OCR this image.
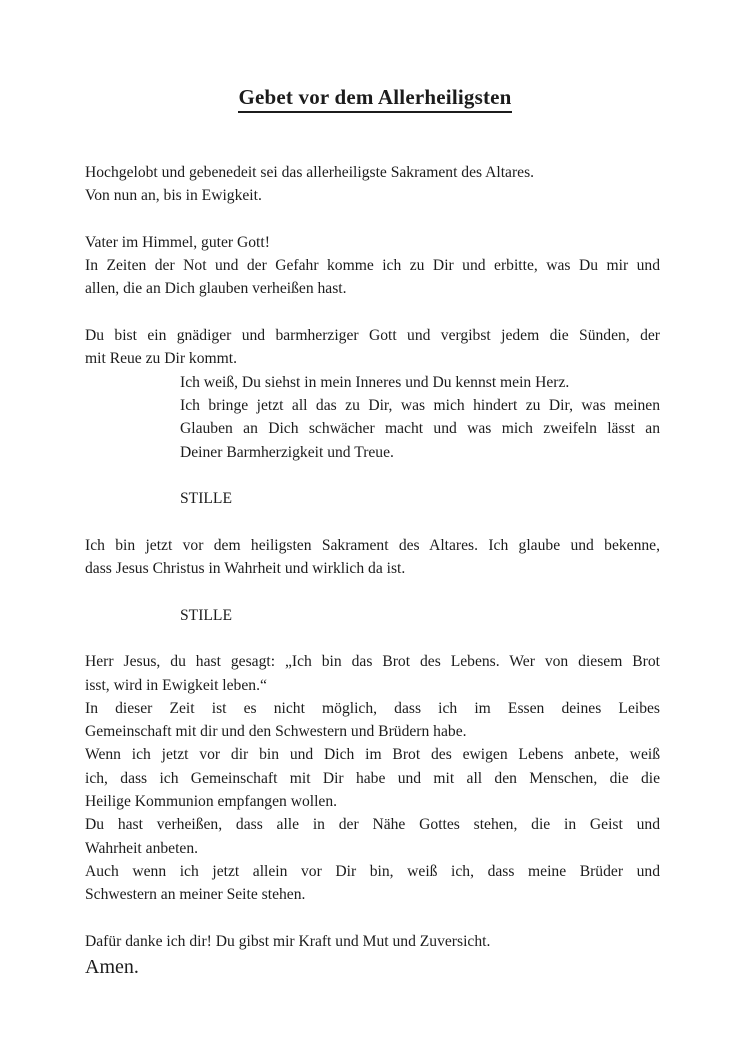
Gebet vor dem Allerheiligsten
Hochgelobt und gebenedeit sei das allerheiligste Sakrament des Altares.
Von nun an, bis in Ewigkeit.
Vater im Himmel, guter Gott!
In Zeiten der Not und der Gefahr komme ich zu Dir und erbitte, was Du mir und
allen, die an Dich glauben verheißen hast.
Du bist ein gnädiger und barmherziger Gott und vergibst jedem die Sünden, der
mit Reue zu Dir kommt.
Ich weiß, Du siehst in mein Inneres und Du kennst mein Herz.
Ich bringe jetzt all das zu Dir, was mich hindert zu Dir, was meinen
Glauben an Dich schwächer macht und was mich zweifeln lässt an
Deiner Barmherzigkeit und Treue.
STILLE
Ich bin jetzt vor dem heiligsten Sakrament des Altares. Ich glaube und bekenne,
dass Jesus Christus in Wahrheit und wirklich da ist.
STILLE
Herr Jesus, du hast gesagt: „Ich bin das Brot des Lebens. Wer von diesem Brot
isst, wird in Ewigkeit leben.“
In dieser Zeit ist es nicht möglich, dass ich im Essen deines Leibes
Gemeinschaft mit dir und den Schwestern und Brüdern habe.
Wenn ich jetzt vor dir bin und Dich im Brot des ewigen Lebens anbete, weiß
ich, dass ich Gemeinschaft mit Dir habe und mit all den Menschen, die die
Heilige Kommunion empfangen wollen.
Du hast verheißen, dass alle in der Nähe Gottes stehen, die in Geist und
Wahrheit anbeten.
Auch wenn ich jetzt allein vor Dir bin, weiß ich, dass meine Brüder und
Schwestern an meiner Seite stehen.
Dafür danke ich dir! Du gibst mir Kraft und Mut und Zuversicht.
Amen.
